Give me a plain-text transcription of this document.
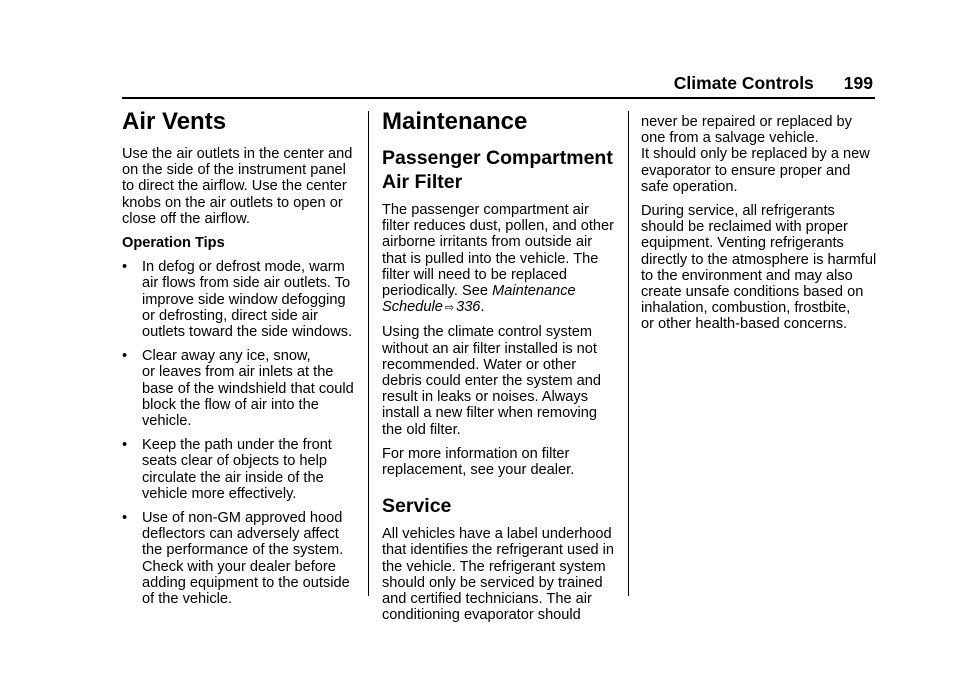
Climate Controls 199
Air Vents

Use the air outlets in the center and
on the side of the instrument panel
to direct the airflow. Use the center
knobs on the air outlets to open or
close off the airflow.

Operation Tips
• In defog or defrost mode, warm
air flows from side air outlets. To
improve side window defogging
or defrosting, direct side air
outlets toward the side windows.
• Clear away any ice, snow,
or leaves from air inlets at the
base of the windshield that could
block the flow of air into the
vehicle.
• Keep the path under the front
seats clear of objects to help
circulate the air inside of the
vehicle more effectively.
• Use of non-GM approved hood
deflectors can adversely affect
the performance of the system.
Check with your dealer before
adding equipment to the outside
of the vehicle.
Maintenance
Passenger Compartment
Air Filter

The passenger compartment air
filter reduces dust, pollen, and other
airborne irritants from outside air
that is pulled into the vehicle. The
filter will need to be replaced
periodically. See Maintenance
Schedule ⇨ 336.

Using the climate control system
without an air filter installed is not
recommended. Water or other
debris could enter the system and
result in leaks or noises. Always
install a new filter when removing
the old filter.

For more information on filter
replacement, see your dealer.

Service

All vehicles have a label underhood
that identifies the refrigerant used in
the vehicle. The refrigerant system
should only be serviced by trained
and certified technicians. The air
conditioning evaporator should

never be repaired or replaced by
one from a salvage vehicle.
It should only be replaced by a new
evaporator to ensure proper and
safe operation.

During service, all refrigerants
should be reclaimed with proper
equipment. Venting refrigerants
directly to the atmosphere is harmful
to the environment and may also
create unsafe conditions based on
inhalation, combustion, frostbite,
or other health-based concerns.
